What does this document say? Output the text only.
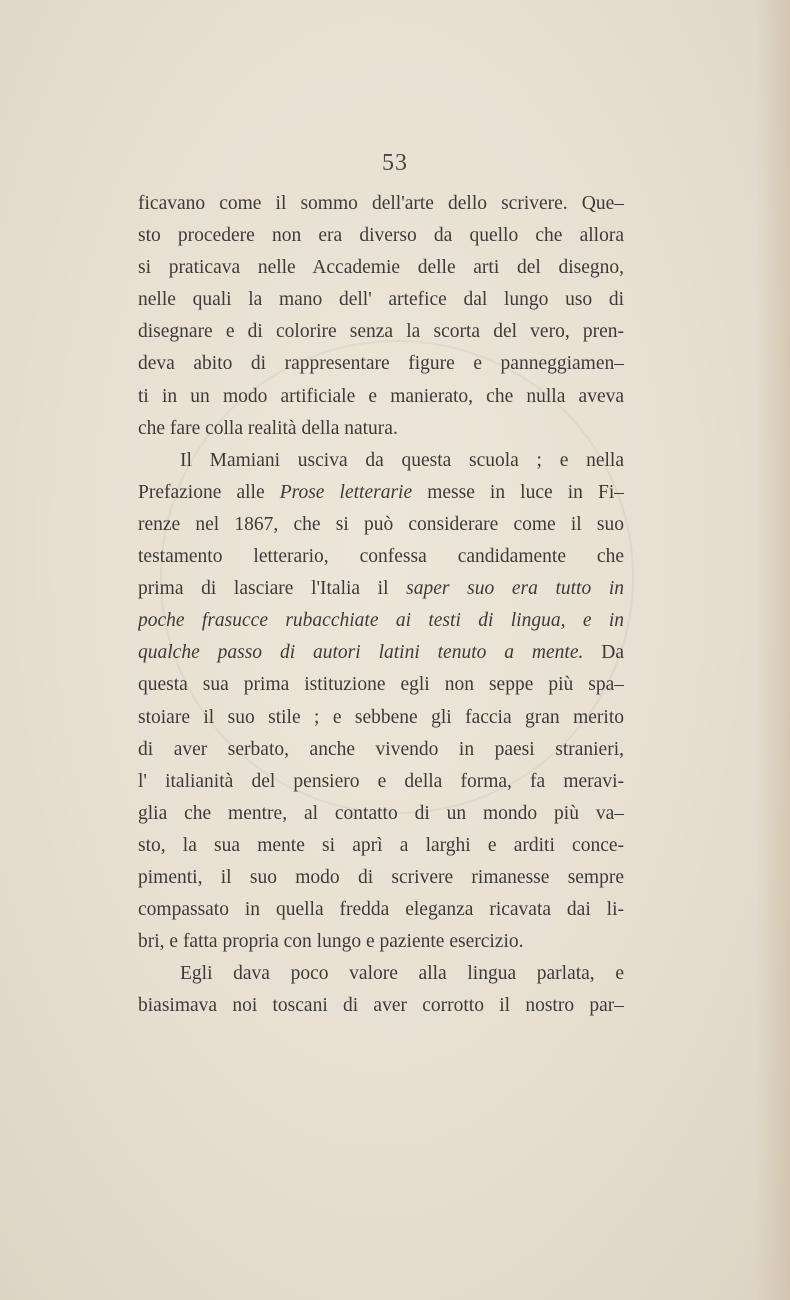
53
ficavano come il sommo dell'arte dello scrivere. Que–
sto procedere non era diverso da quello che allora
si praticava nelle Accademie delle arti del disegno,
nelle quali la mano dell' artefice dal lungo uso di
disegnare e di colorire senza la scorta del vero, pren-
deva abito di rappresentare figure e panneggiamen–
ti in un modo artificiale e manierato, che nulla aveva
che fare colla realità della natura.
Il Mamiani usciva da questa scuola ; e nella
Prefazione alle Prose letterarie messe in luce in Fi–
renze nel 1867, che si può considerare come il suo
testamento letterario, confessa candidamente che
prima di lasciare l'Italia il saper suo era tutto in
poche frasucce rubacchiate ai testi di lingua, e in
qualche passo di autori latini tenuto a mente. Da
questa sua prima istituzione egli non seppe più spa–
stoiare il suo stile ; e sebbene gli faccia gran merito
di aver serbato, anche vivendo in paesi stranieri,
l' italianità del pensiero e della forma, fa meravi-
glia che mentre, al contatto di un mondo più va–
sto, la sua mente si aprì a larghi e arditi conce-
pimenti, il suo modo di scrivere rimanesse sempre
compassato in quella fredda eleganza ricavata dai li-
bri, e fatta propria con lungo e paziente esercizio.
Egli dava poco valore alla lingua parlata, e
biasimava noi toscani di aver corrotto il nostro par–
